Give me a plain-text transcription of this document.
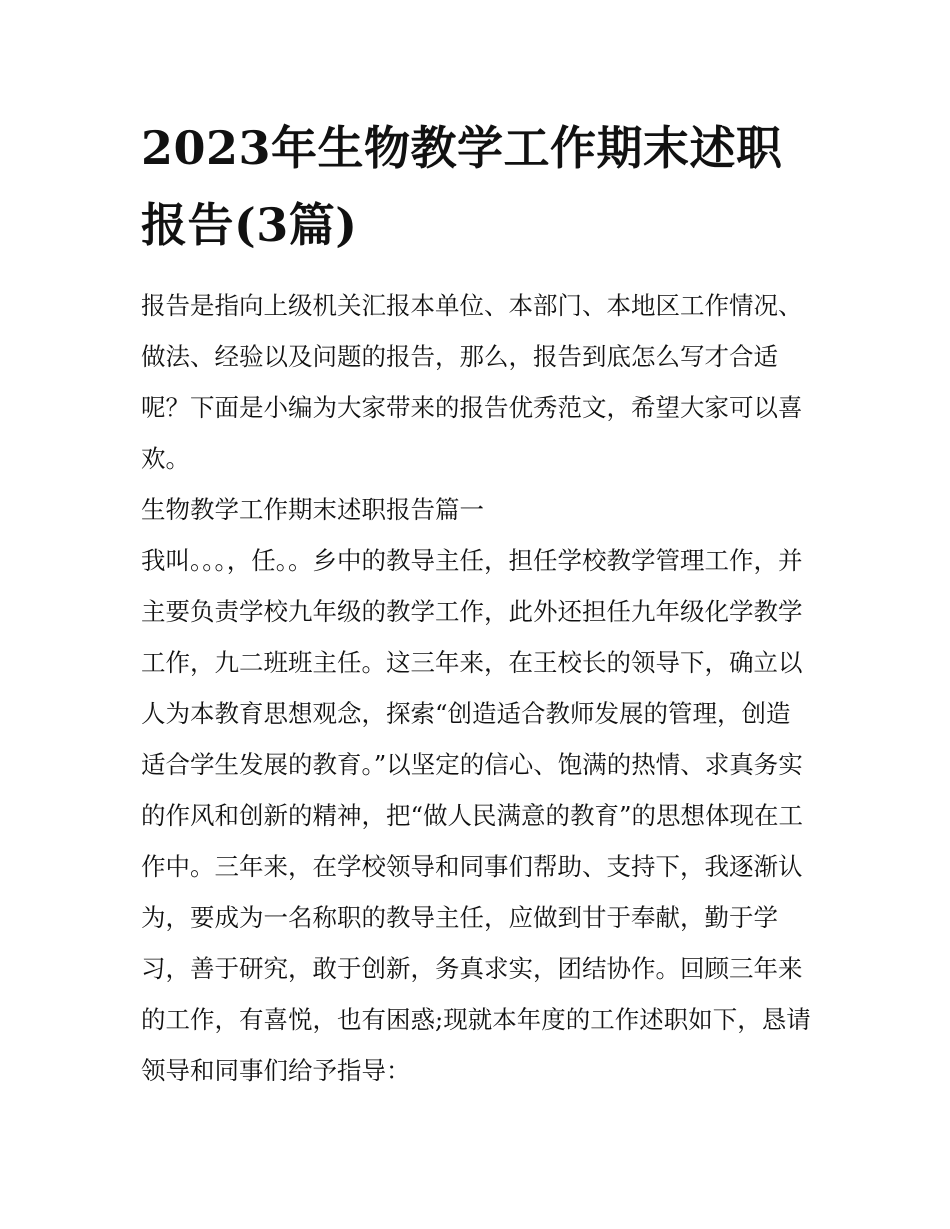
2023年生物教学工作期末述职报告(3篇)

报告是指向上级机关汇报本单位、本部门、本地区工作情况、做法、经验以及问题的报告，那么，报告到底怎么写才合适呢？下面是小编为大家带来的报告优秀范文，希望大家可以喜欢。

生物教学工作期末述职报告篇一

我叫。。。，任。。乡中的教导主任，担任学校教学管理工作，并主要负责学校九年级的教学工作，此外还担任九年级化学教学工作，九二班班主任。这三年来，在王校长的领导下，确立以人为本教育思想观念，探索“创造适合教师发展的管理，创造适合学生发展的教育。”以坚定的信心、饱满的热情、求真务实的作风和创新的精神，把“做人民满意的教育”的思想体现在工作中。三年来，在学校领导和同事们帮助、支持下，我逐渐认为，要成为一名称职的教导主任，应做到甘于奉献，勤于学习，善于研究，敢于创新，务真求实，团结协作。回顾三年来的工作，有喜悦，也有困惑;现就本年度的工作述职如下，恳请领导和同事们给予指导：
